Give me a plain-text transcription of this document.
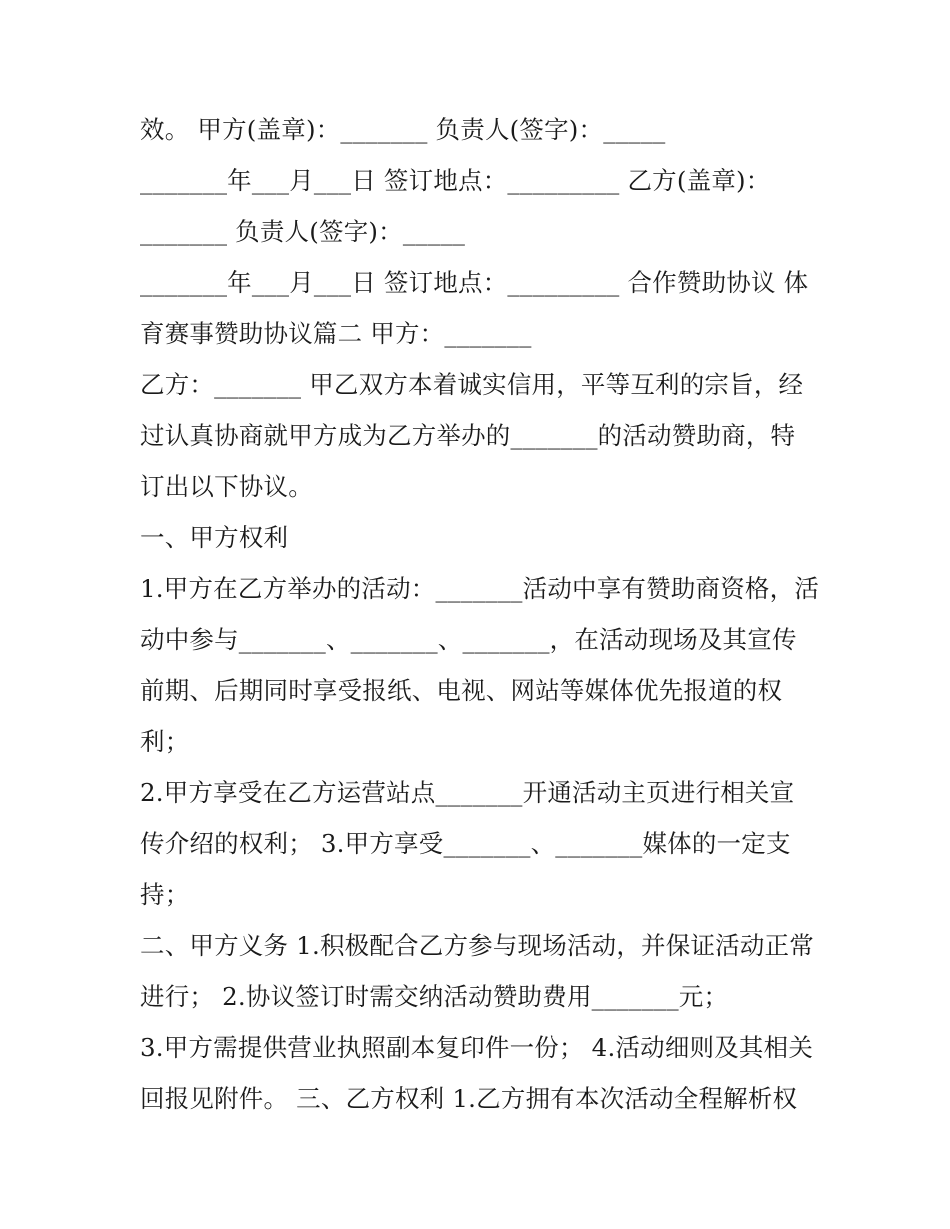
效。 甲方(盖章)：_______ 负责人(签字)：_____
_______年___月___日 签订地点：_________ 乙方(盖章)：
_______ 负责人(签字)：_____
_______年___月___日 签订地点：_________ 合作赞助协议 体
育赛事赞助协议篇二 甲方：_______
乙方：_______ 甲乙双方本着诚实信用，平等互利的宗旨，经
过认真协商就甲方成为乙方举办的_______的活动赞助商，特
订出以下协议。
一、甲方权利
1.甲方在乙方举办的活动：_______活动中享有赞助商资格，活
动中参与_______、_______、_______，在活动现场及其宣传
前期、后期同时享受报纸、电视、网站等媒体优先报道的权
利；
2.甲方享受在乙方运营站点_______开通活动主页进行相关宣
传介绍的权利； 3.甲方享受_______、_______媒体的一定支
持；
二、甲方义务 1.积极配合乙方参与现场活动，并保证活动正常
进行； 2.协议签订时需交纳活动赞助费用_______元；
3.甲方需提供营业执照副本复印件一份； 4.活动细则及其相关
回报见附件。 三、乙方权利 1.乙方拥有本次活动全程解析权
